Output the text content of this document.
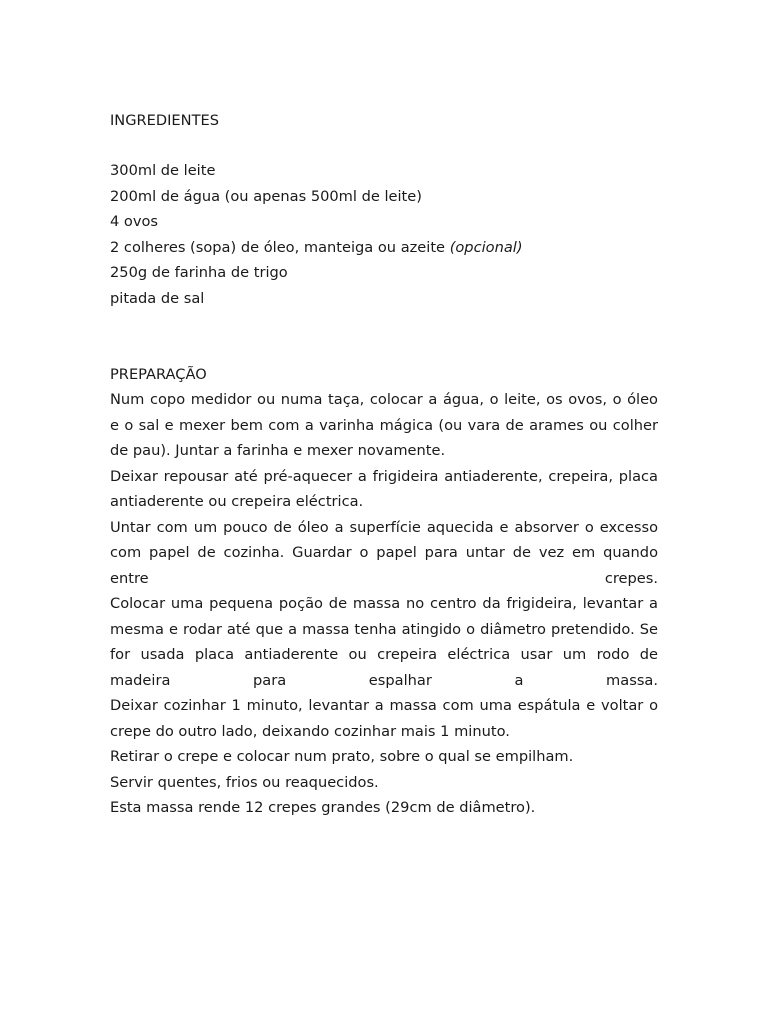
INGREDIENTES
300ml de leite
200ml de água (ou apenas 500ml de leite)
4 ovos
2 colheres (sopa) de óleo, manteiga ou azeite (opcional)
250g de farinha de trigo
pitada de sal
PREPARAÇÃO

Num copo medidor ou numa taça, colocar a água, o leite, os ovos, o óleo e o sal e mexer bem com a varinha mágica (ou vara de arames ou colher de pau). Juntar a farinha e mexer novamente.

Deixar repousar até pré-aquecer a frigideira antiaderente, crepeira, placa antiaderente ou crepeira eléctrica.

Untar com um pouco de óleo a superfície aquecida e absorver o excesso com papel de cozinha. Guardar o papel para untar de vez em quando entre crepes.

Colocar uma pequena poção de massa no centro da frigideira, levantar a mesma e rodar até que a massa tenha atingido o diâmetro pretendido. Se for usada placa antiaderente ou crepeira eléctrica usar um rodo de madeira para espalhar a massa.

Deixar cozinhar 1 minuto, levantar a massa com uma espátula e voltar o crepe do outro lado, deixando cozinhar mais 1 minuto.

Retirar o crepe e colocar num prato, sobre o qual se empilham.

Servir quentes, frios ou reaquecidos.

Esta massa rende 12 crepes grandes (29cm de diâmetro).
